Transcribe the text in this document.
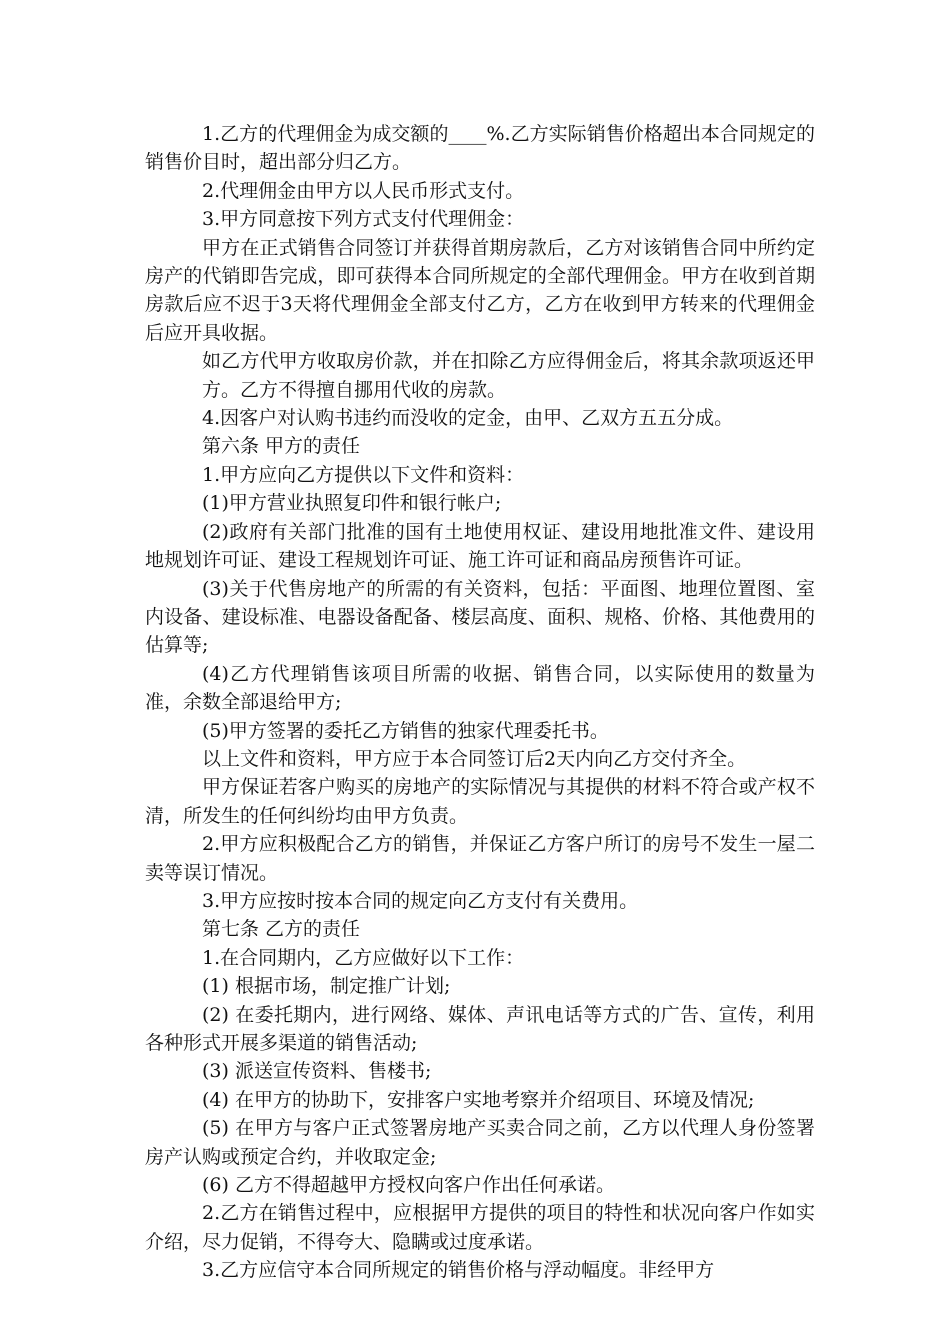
1.乙方的代理佣金为成交额的____%.乙方实际销售价格超出本合同规定的销售价目时，超出部分归乙方。

2.代理佣金由甲方以人民币形式支付。

3.甲方同意按下列方式支付代理佣金：

甲方在正式销售合同签订并获得首期房款后，乙方对该销售合同中所约定房产的代销即告完成，即可获得本合同所规定的全部代理佣金。甲方在收到首期房款后应不迟于3天将代理佣金全部支付乙方，乙方在收到甲方转来的代理佣金后应开具收据。

如乙方代甲方收取房价款，并在扣除乙方应得佣金后，将其余款项返还甲方。乙方不得擅自挪用代收的房款。

4.因客户对认购书违约而没收的定金，由甲、乙双方五五分成。

第六条 甲方的责任

1.甲方应向乙方提供以下文件和资料：

(1)甲方营业执照复印件和银行帐户;

(2)政府有关部门批准的国有土地使用权证、建设用地批准文件、建设用地规划许可证、建设工程规划许可证、施工许可证和商品房预售许可证。

(3)关于代售房地产的所需的有关资料，包括：平面图、地理位置图、室内设备、建设标准、电器设备配备、楼层高度、面积、规格、价格、其他费用的估算等;

(4)乙方代理销售该项目所需的收据、销售合同，以实际使用的数量为准，余数全部退给甲方;

(5)甲方签署的委托乙方销售的独家代理委托书。

以上文件和资料，甲方应于本合同签订后2天内向乙方交付齐全。

甲方保证若客户购买的房地产的实际情况与其提供的材料不符合或产权不清，所发生的任何纠纷均由甲方负责。

2.甲方应积极配合乙方的销售，并保证乙方客户所订的房号不发生一屋二卖等误订情况。

3.甲方应按时按本合同的规定向乙方支付有关费用。

第七条 乙方的责任

1.在合同期内，乙方应做好以下工作：

(1) 根据市场，制定推广计划;

(2) 在委托期内，进行网络、媒体、声讯电话等方式的广告、宣传，利用各种形式开展多渠道的销售活动;

(3) 派送宣传资料、售楼书;

(4) 在甲方的协助下，安排客户实地考察并介绍项目、环境及情况;

(5) 在甲方与客户正式签署房地产买卖合同之前，乙方以代理人身份签署房产认购或预定合约，并收取定金;

(6) 乙方不得超越甲方授权向客户作出任何承诺。

2.乙方在销售过程中，应根据甲方提供的项目的特性和状况向客户作如实介绍，尽力促销，不得夸大、隐瞒或过度承诺。

3.乙方应信守本合同所规定的销售价格与浮动幅度。非经甲方
